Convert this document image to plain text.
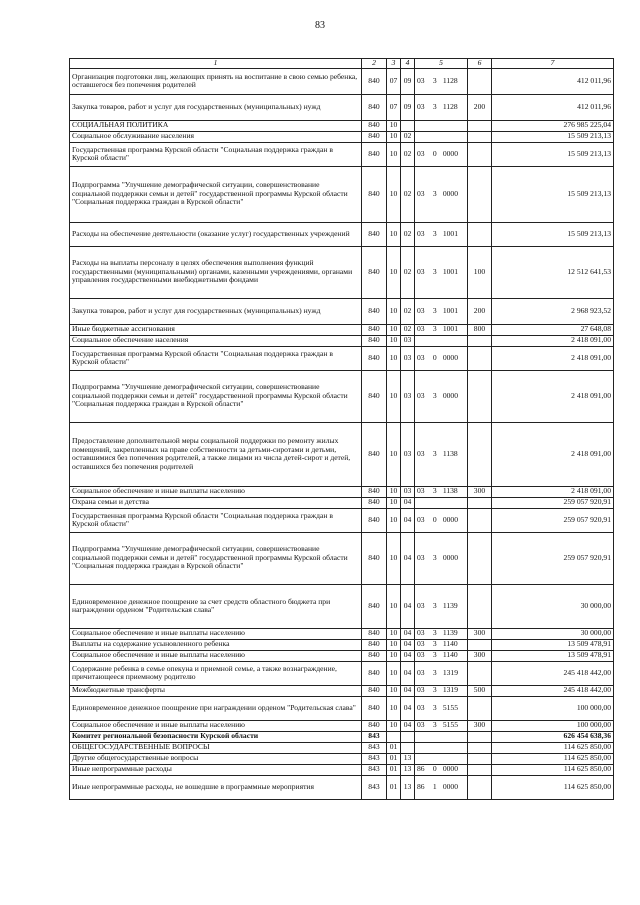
83
1	2	3	4	5	6	7
Организация подготовки лиц, желающих принять на воспитание в свою семью ребенка, оставшегося без попечения родителей	840	07	09	03 3 1128		412 011,96
Закупка товаров, работ и услуг для государственных (муниципальных) нужд	840	07	09	03 3 1128	200	412 011,96
СОЦИАЛЬНАЯ ПОЛИТИКА	840	10				276 985 225,04
Социальное обслуживание населения	840	10	02			15 509 213,13
Государственная программа Курской области "Социальная поддержка граждан в Курской области"	840	10	02	03 0 0000		15 509 213,13
Подпрограмма "Улучшение демографической ситуации, совершенствование социальной поддержки семьи и детей" государственной программы Курской области "Социальная поддержка граждан в Курской области"	840	10	02	03 3 0000		15 509 213,13
Расходы на обеспечение деятельности (оказание услуг) государственных учреждений	840	10	02	03 3 1001		15 509 213,13
Расходы на выплаты персоналу в целях обеспечения выполнения функций государственными (муниципальными) органами, казенными учреждениями, органами управления государственными внебюджетными фондами	840	10	02	03 3 1001	100	12 512 641,53
Закупка товаров, работ и услуг для государственных (муниципальных) нужд	840	10	02	03 3 1001	200	2 968 923,52
Иные бюджетные ассигнования	840	10	02	03 3 1001	800	27 648,08
Социальное обеспечение населения	840	10	03			2 418 091,00
Государственная программа Курской области "Социальная поддержка граждан в Курской области"	840	10	03	03 0 0000		2 418 091,00
Подпрограмма "Улучшение демографической ситуации, совершенствование социальной поддержки семьи и детей" государственной программы Курской области "Социальная поддержка граждан в Курской области"	840	10	03	03 3 0000		2 418 091,00
Предоставление дополнительной меры социальной поддержки по ремонту жилых помещений, закрепленных на праве собственности за детьми-сиротами и детьми, оставшимися без попечения родителей, а также лицами из числа детей-сирот и детей, оставшихся без попечения родителей	840	10	03	03 3 1138		2 418 091,00
Социальное обеспечение и иные выплаты населению	840	10	03	03 3 1138	300	2 418 091,00
Охрана семьи и детства	840	10	04			259 057 920,91
Государственная программа Курской области "Социальная поддержка граждан в Курской области"	840	10	04	03 0 0000		259 057 920,91
Подпрограмма "Улучшение демографической ситуации, совершенствование социальной поддержки семьи и детей" государственной программы Курской области "Социальная поддержка граждан в Курской области"	840	10	04	03 3 0000		259 057 920,91
Единовременное денежное поощрение за счет средств областного бюджета при награждении орденом "Родительская слава"	840	10	04	03 3 1139		30 000,00
Социальное обеспечение и иные выплаты населению	840	10	04	03 3 1139	300	30 000,00
Выплаты на содержание усыновленного ребенка	840	10	04	03 3 1140		13 509 478,91
Социальное обеспечение и иные выплаты населению	840	10	04	03 3 1140	300	13 509 478,91
Содержание ребенка в семье опекуна и приемной семье, а также вознаграждение, причитающееся приемному родителю	840	10	04	03 3 1319		245 418 442,00
Межбюджетные трансферты	840	10	04	03 3 1319	500	245 418 442,00
Единовременное денежное поощрение при награждении орденом "Родительская слава"	840	10	04	03 3 5155		100 000,00
Социальное обеспечение и иные выплаты населению	840	10	04	03 3 5155	300	100 000,00
Комитет региональной безопасности Курской области	843					626 454 638,36
ОБЩЕГОСУДАРСТВЕННЫЕ ВОПРОСЫ	843	01				114 625 850,00
Другие общегосударственные вопросы	843	01	13			114 625 850,00
Иные непрограммные расходы	843	01	13	86 0 0000		114 625 850,00
Иные непрограммные расходы, не вошедшие в программные мероприятия	843	01	13	86 1 0000		114 625 850,00
